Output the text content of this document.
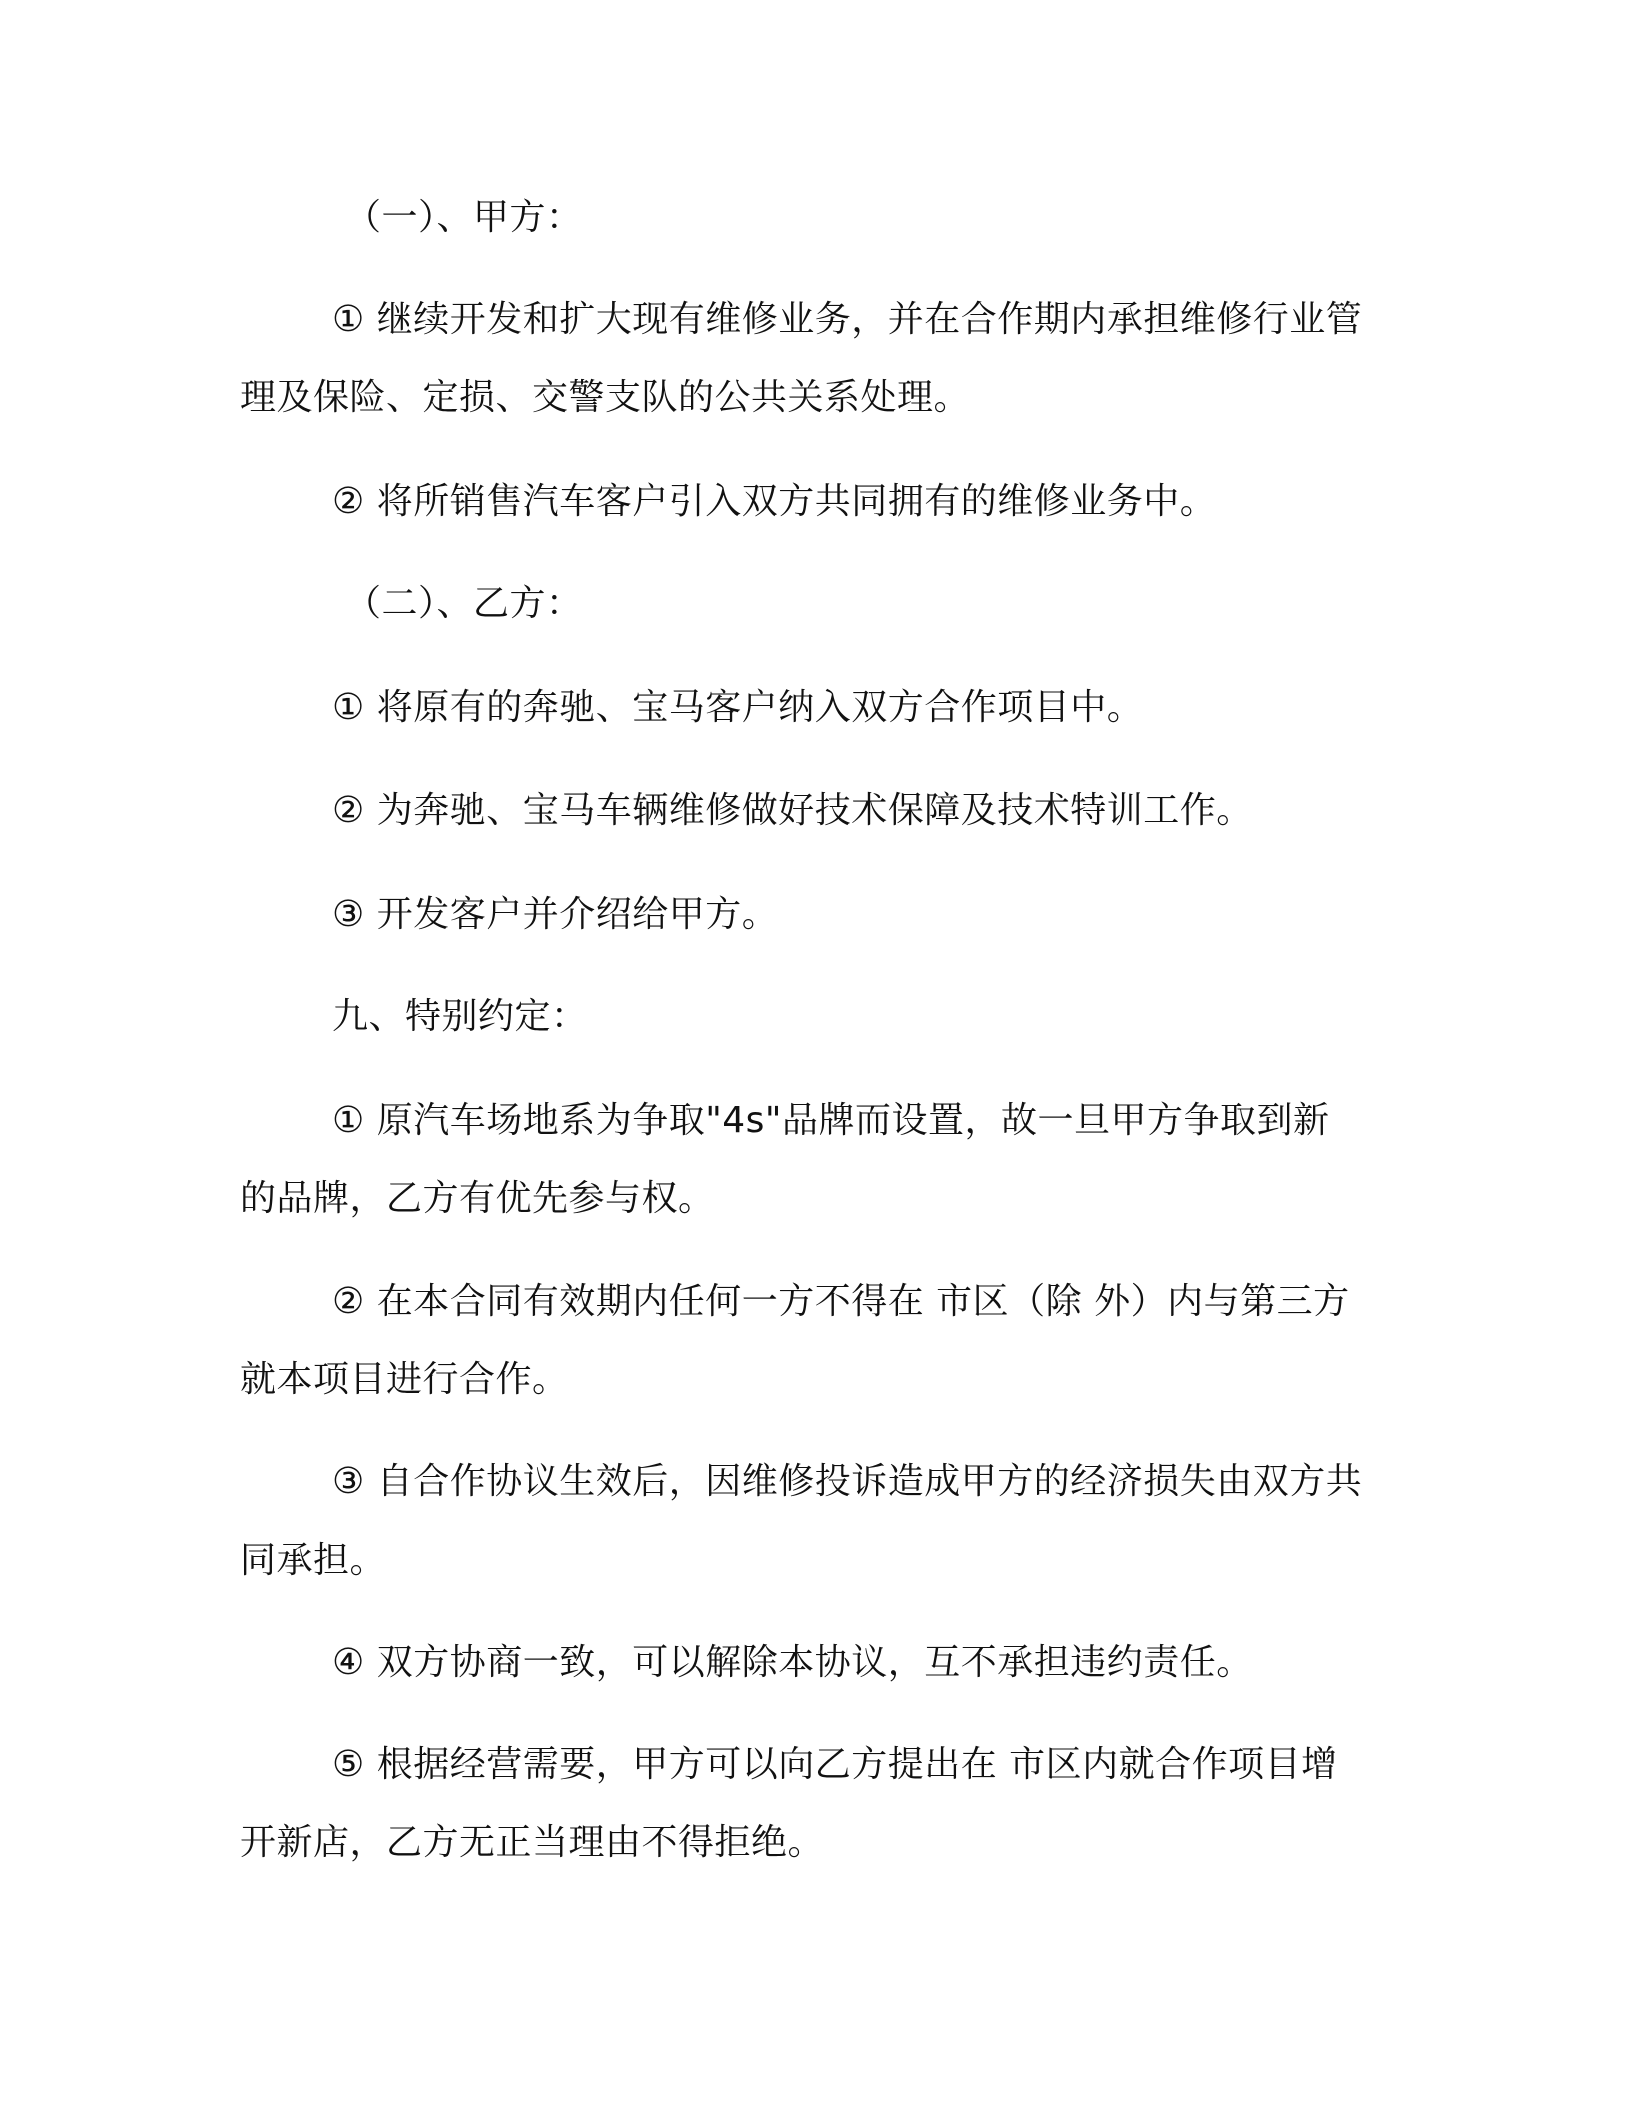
（一）、甲方：
① 继续开发和扩大现有维修业务，并在合作期内承担维修行业管
理及保险、定损、交警支队的公共关系处理。
② 将所销售汽车客户引入双方共同拥有的维修业务中。
（二）、乙方：
① 将原有的奔驰、宝马客户纳入双方合作项目中。
② 为奔驰、宝马车辆维修做好技术保障及技术特训工作。
③ 开发客户并介绍给甲方。
九、特别约定：
① 原汽车场地系为争取"4s"品牌而设置，故一旦甲方争取到新
的品牌，乙方有优先参与权。
② 在本合同有效期内任何一方不得在 市区（除 外）内与第三方
就本项目进行合作。
③ 自合作协议生效后，因维修投诉造成甲方的经济损失由双方共
同承担。
④ 双方协商一致，可以解除本协议，互不承担违约责任。
⑤ 根据经营需要，甲方可以向乙方提出在 市区内就合作项目增
开新店，乙方无正当理由不得拒绝。
